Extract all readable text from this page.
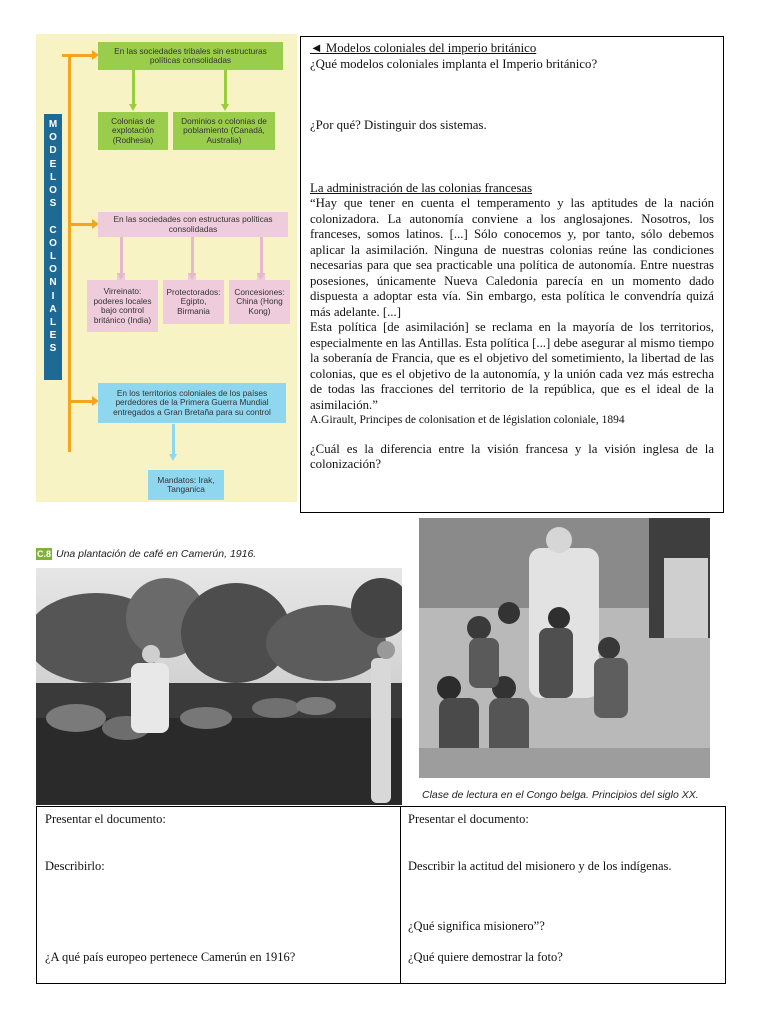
M
O
D
E
L
O
S

C
O
L
O
N
I
A
L
E
S
En las sociedades tribales sin estructuras políticas consolidadas
Colonias de explotación (Rodhesia)
Dominios o colonias de poblamiento (Canadá, Australia)
En las sociedades con estructuras políticas consolidadas
Virreinato: poderes locales bajo control británico (India)
Protectorados: Egipto, Birmania
Concesiones: China (Hong Kong)
En los territorios coloniales de los países perdedores de la Primera Guerra Mundial entregados a Gran Bretaña para su control
Mandatos: Irak, Tanganica

◄ Modelos coloniales del imperio británico

¿Qué modelos coloniales implanta el Imperio británico?

¿Por qué? Distinguir dos sistemas.

La administración de las colonias francesas

“Hay que tener en cuenta el temperamento y las aptitudes de la nación colonizadora. La autonomía conviene a los anglosajones. Nosotros, los franceses, somos latinos. [...] Sólo conocemos y, por tanto, sólo debemos aplicar la asimilación. Ninguna de nuestras colonias reúne las condiciones necesarias para que sea practicable una política de autonomía. Entre nuestras posesiones, únicamente Nueva Caledonia parecía en un momento dado dispuesta a adoptar esta vía. Sin embargo, esta política le convendría quizá más adelante. [...]

Esta política [de asimilación] se reclama en la mayoría de los territorios, especialmente en las Antillas. Esta política [...] debe asegurar al mismo tiempo la soberanía de Francia, que es el objetivo del sometimiento, la libertad de las colonias, que es el objetivo de la autonomía, y la unión cada vez más estrecha de todas las fracciones del territorio de la república, que es el ideal de la asimilación.”

A.Girault, Principes de colonisation et de législation coloniale, 1894

¿Cuál es la diferencia entre la visión francesa y la visión inglesa de la colonización?

C.8 Una plantación de café en Camerún, 1916.
Clase de lectura en el Congo belga. Principios del siglo XX.
Presentar el documento:
Describirlo:
¿A qué país europeo pertenece Camerún en 1916?
Presentar el documento:
Describir la actitud del misionero y de los indígenas.
¿Qué significa misionero”?
¿Qué quiere demostrar la foto?
